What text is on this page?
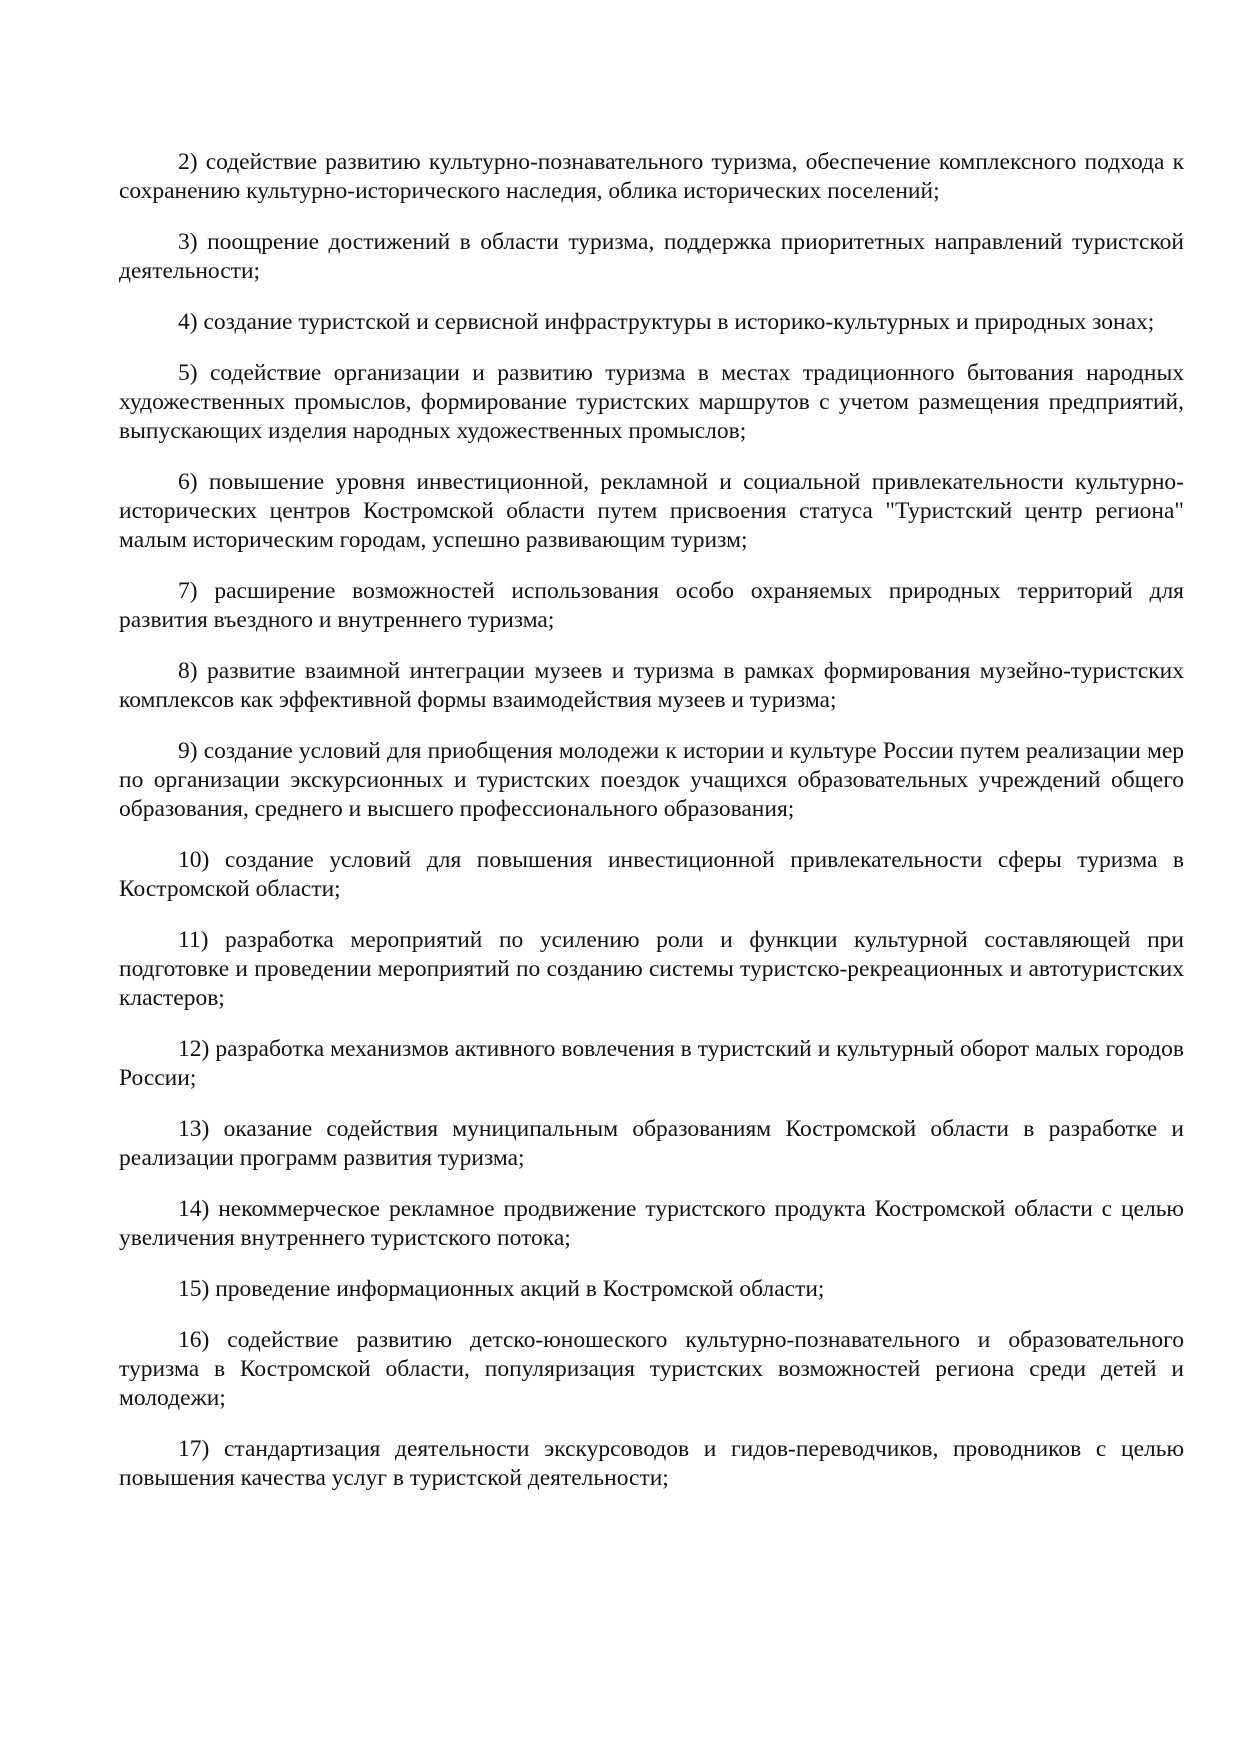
2) содействие развитию культурно-познавательного туризма, обеспечение комплексного подхода к сохранению культурно-исторического наследия, облика исторических поселений;

3) поощрение достижений в области туризма, поддержка приоритетных направлений туристской деятельности;

4) создание туристской и сервисной инфраструктуры в историко-культурных и природных зонах;

5) содействие организации и развитию туризма в местах традиционного бытования народных художественных промыслов, формирование туристских маршрутов с учетом размещения предприятий, выпускающих изделия народных художественных промыслов;

6) повышение уровня инвестиционной, рекламной и социальной привлекательности культурно-исторических центров Костромской области путем присвоения статуса "Туристский центр региона" малым историческим городам, успешно развивающим туризм;

7) расширение возможностей использования особо охраняемых природных территорий для развития въездного и внутреннего туризма;

8) развитие взаимной интеграции музеев и туризма в рамках формирования музейно-туристских комплексов как эффективной формы взаимодействия музеев и туризма;

9) создание условий для приобщения молодежи к истории и культуре России путем реализации мер по организации экскурсионных и туристских поездок учащихся образовательных учреждений общего образования, среднего и высшего профессионального образования;

10) создание условий для повышения инвестиционной привлекательности сферы туризма в Костромской области;

11) разработка мероприятий по усилению роли и функции культурной составляющей при подготовке и проведении мероприятий по созданию системы туристско-рекреационных и автотуристских кластеров;

12) разработка механизмов активного вовлечения в туристский и культурный оборот малых городов России;

13) оказание содействия муниципальным образованиям Костромской области в разработке и реализации программ развития туризма;

14) некоммерческое рекламное продвижение туристского продукта Костромской области с целью увеличения внутреннего туристского потока;

15) проведение информационных акций в Костромской области;

16) содействие развитию детско-юношеского культурно-познавательного и образовательного туризма в Костромской области, популяризация туристских возможностей региона среди детей и молодежи;

17) стандартизация деятельности экскурсоводов и гидов-переводчиков, проводников с целью повышения качества услуг в туристской деятельности;
